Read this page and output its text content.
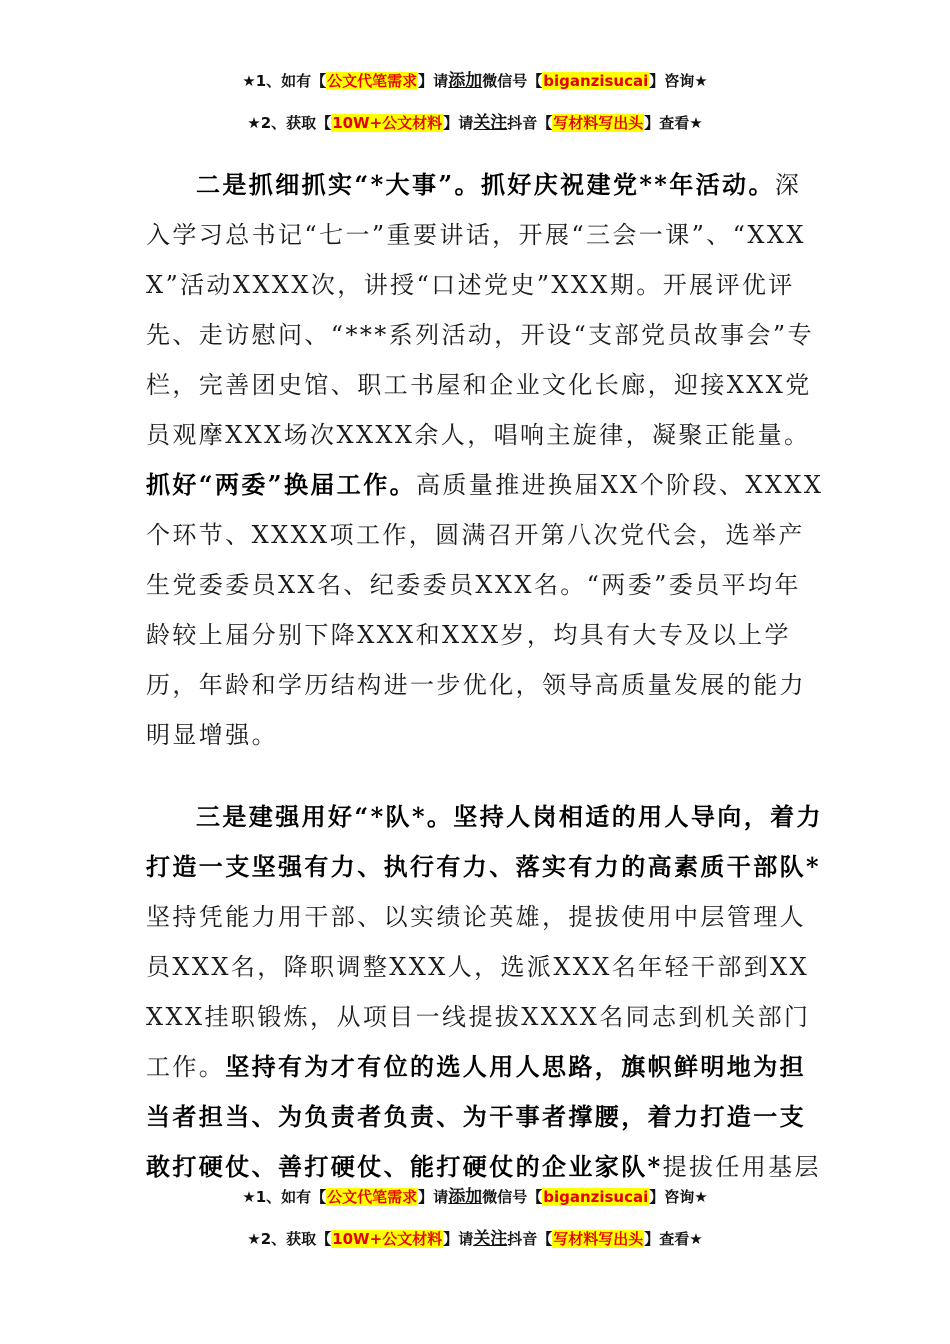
★1、如有【公文代笔需求】请添加微信号【biganzisucai】咨询★
★2、获取【10W+公文材料】请关注抖音【写材料写出头】查看★

二是抓细抓实“*大事”。抓好庆祝建党**年活动。深入学习总书记“七一”重要讲话，开展“三会一课”、“XXXX”活动XXXX次，讲授“口述党史”XXX期。开展评优评先、走访慰问、“***系列活动，开设“支部党员故事会”专栏，完善团史馆、职工书屋和企业文化长廊，迎接XXX党员观摩XXX场次XXXX余人，唱响主旋律，凝聚正能量。抓好“两委”换届工作。高质量推进换届XX个阶段、XXXX个环节、XXXX项工作，圆满召开第八次党代会，选举产生党委委员XX名、纪委委员XXX名。“两委”委员平均年龄较上届分别下降XXX和XXX岁，均具有大专及以上学历，年龄和学历结构进一步优化，领导高质量发展的能力明显增强。

三是建强用好“*队*。坚持人岗相适的用人导向，着力打造一支坚强有力、执行有力、落实有力的高素质干部队*坚持凭能力用干部、以实绩论英雄，提拔使用中层管理人员XXX名，降职调整XXX人，选派XXX名年轻干部到XXXXX挂职锻炼，从项目一线提拔XXXX名同志到机关部门工作。坚持有为才有位的选人用人思路，旗帜鲜明地为担当者担当、为负责者负责、为干事者撑腰，着力打造一支敢打硬仗、善打硬仗、能打硬仗的企业家队*提拔任用基层

★1、如有【公文代笔需求】请添加微信号【biganzisucai】咨询★
★2、获取【10W+公文材料】请关注抖音【写材料写出头】查看★
